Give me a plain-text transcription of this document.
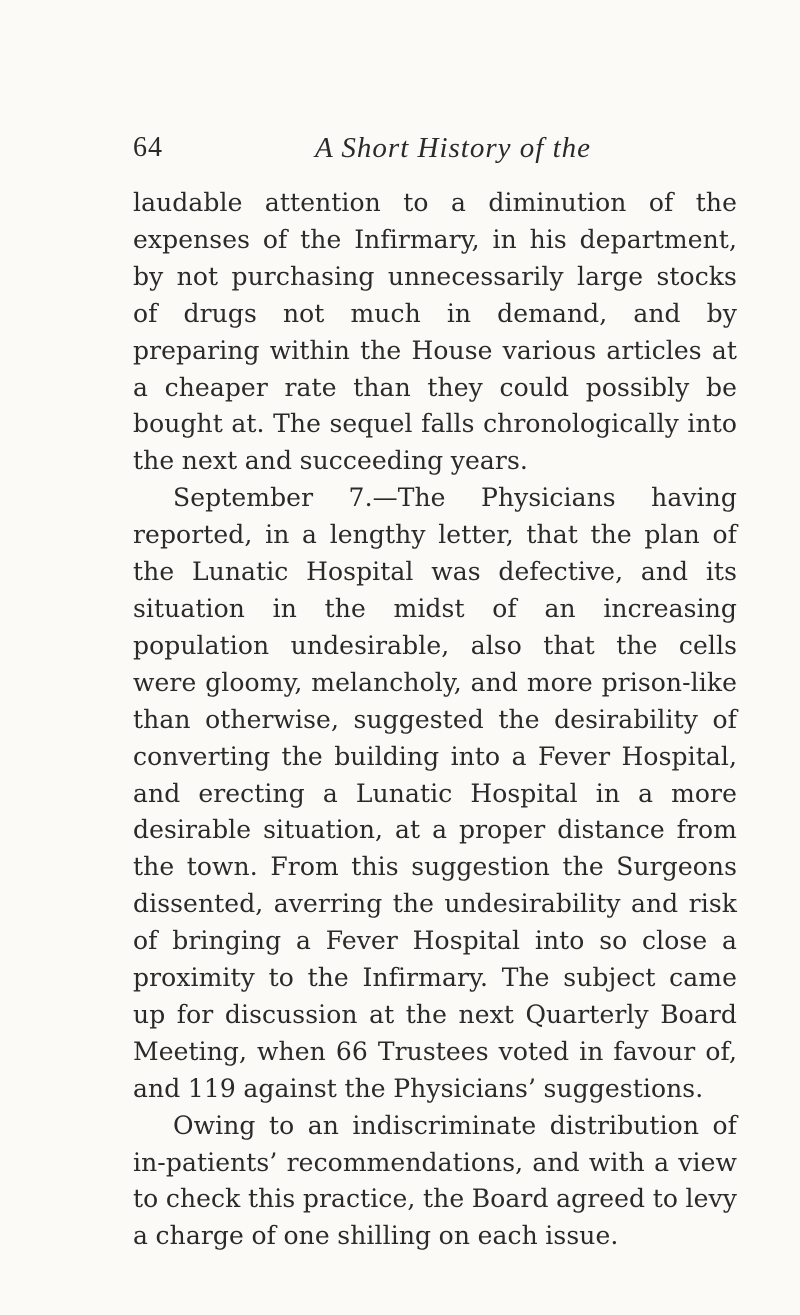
64	A Short History of the

laudable attention to a diminution of the expenses of the Infirmary, in his department, by not purchasing unnecessarily large stocks of drugs not much in demand, and by preparing within the House various articles at a cheaper rate than they could possibly be bought at. The sequel falls chronologically into the next and succeeding years.

September 7.—The Physicians having reported, in a lengthy letter, that the plan of the Lunatic Hospital was defective, and its situation in the midst of an increasing population undesirable, also that the cells were gloomy, melancholy, and more prison-like than otherwise, suggested the desirability of converting the building into a Fever Hospital, and erecting a Lunatic Hospital in a more desirable situation, at a proper distance from the town. From this suggestion the Surgeons dissented, averring the undesirability and risk of bringing a Fever Hospital into so close a proximity to the Infirmary. The subject came up for discussion at the next Quarterly Board Meeting, when 66 Trustees voted in favour of, and 119 against the Physicians’ suggestions.

Owing to an indiscriminate distribution of in-patients’ recommendations, and with a view to check this practice, the Board agreed to levy a charge of one shilling on each issue.
